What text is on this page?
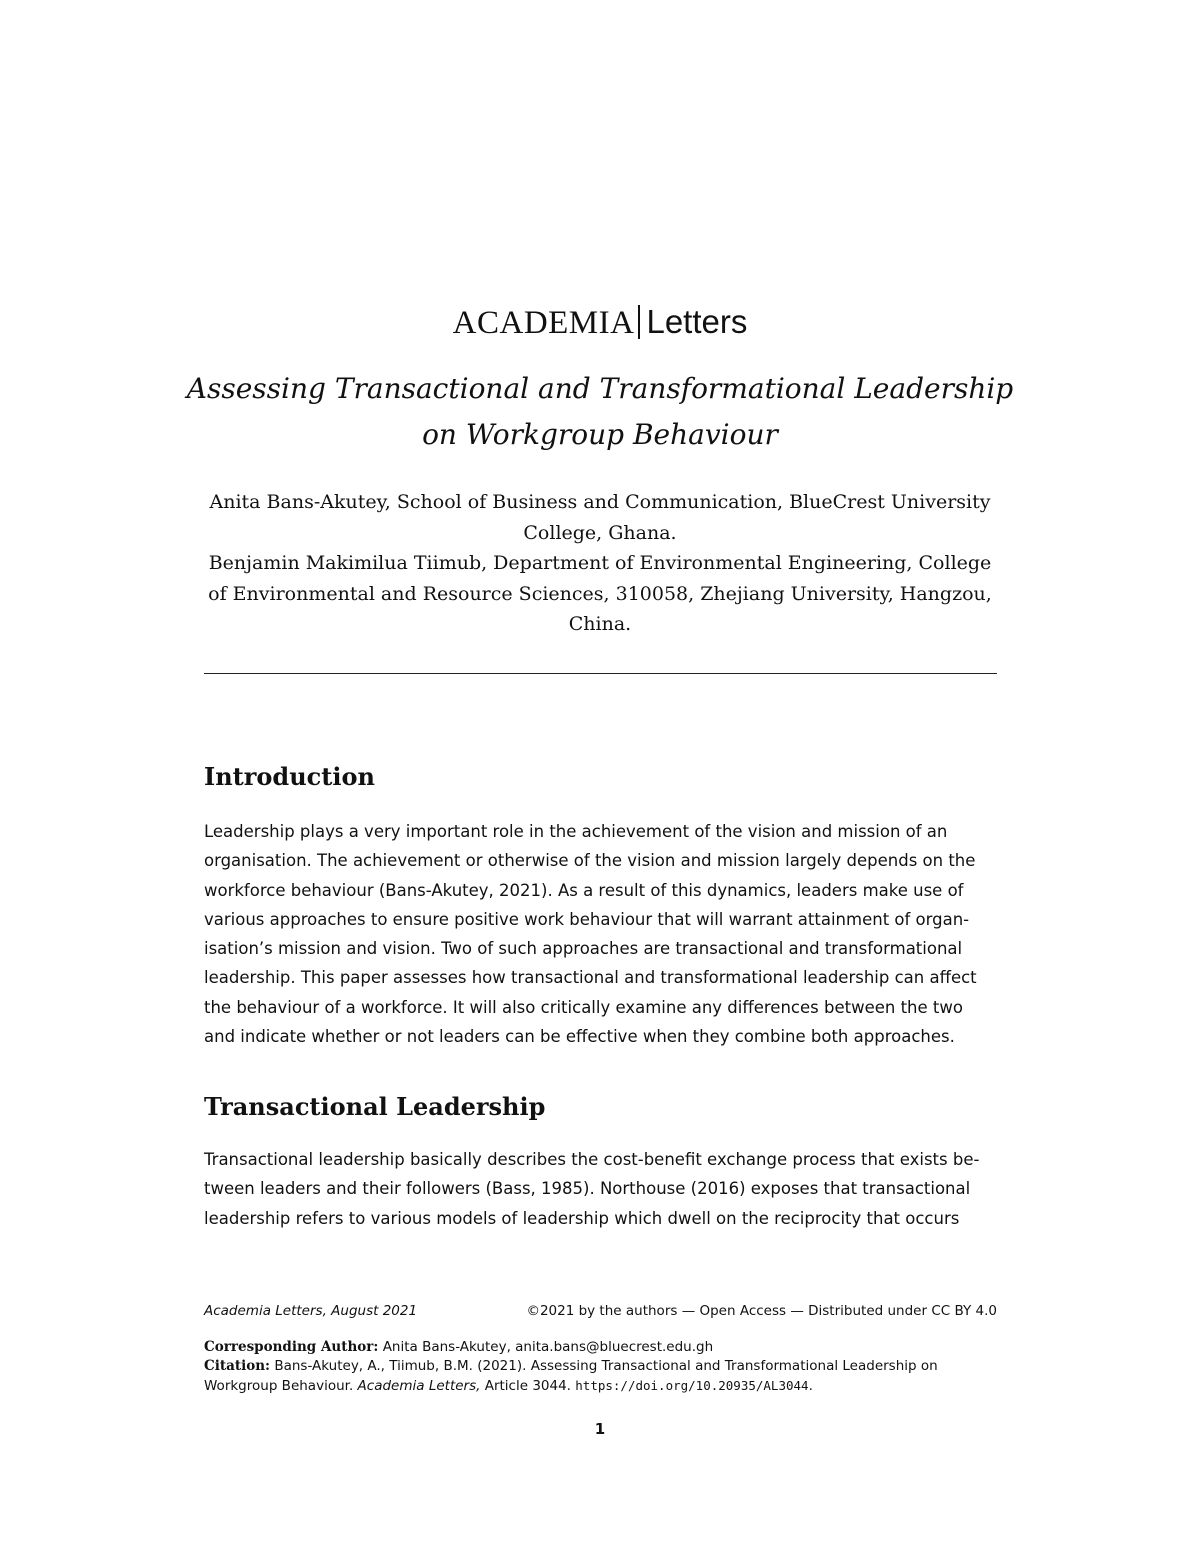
ACADEMIA Letters
Assessing Transactional and Transformational Leadership
on Workgroup Behaviour
Anita Bans-Akutey, School of Business and Communication, BlueCrest University
College, Ghana.
Benjamin Makimilua Tiimub, Department of Environmental Engineering, College
of Environmental and Resource Sciences, 310058, Zhejiang University, Hangzou,
China.
Introduction
Leadership plays a very important role in the achievement of the vision and mission of an
organisation. The achievement or otherwise of the vision and mission largely depends on the
workforce behaviour (Bans-Akutey, 2021). As a result of this dynamics, leaders make use of
various approaches to ensure positive work behaviour that will warrant attainment of organ-
isation’s mission and vision. Two of such approaches are transactional and transformational
leadership. This paper assesses how transactional and transformational leadership can affect
the behaviour of a workforce. It will also critically examine any differences between the two
and indicate whether or not leaders can be effective when they combine both approaches.
Transactional Leadership
Transactional leadership basically describes the cost-benefit exchange process that exists be-
tween leaders and their followers (Bass, 1985). Northouse (2016) exposes that transactional
leadership refers to various models of leadership which dwell on the reciprocity that occurs
Academia Letters, August 2021	©2021 by the authors — Open Access — Distributed under CC BY 4.0
Corresponding Author: Anita Bans-Akutey, anita.bans@bluecrest.edu.gh
Citation: Bans-Akutey, A., Tiimub, B.M. (2021). Assessing Transactional and Transformational Leadership on
Workgroup Behaviour. Academia Letters, Article 3044. https://doi.org/10.20935/AL3044.
1
